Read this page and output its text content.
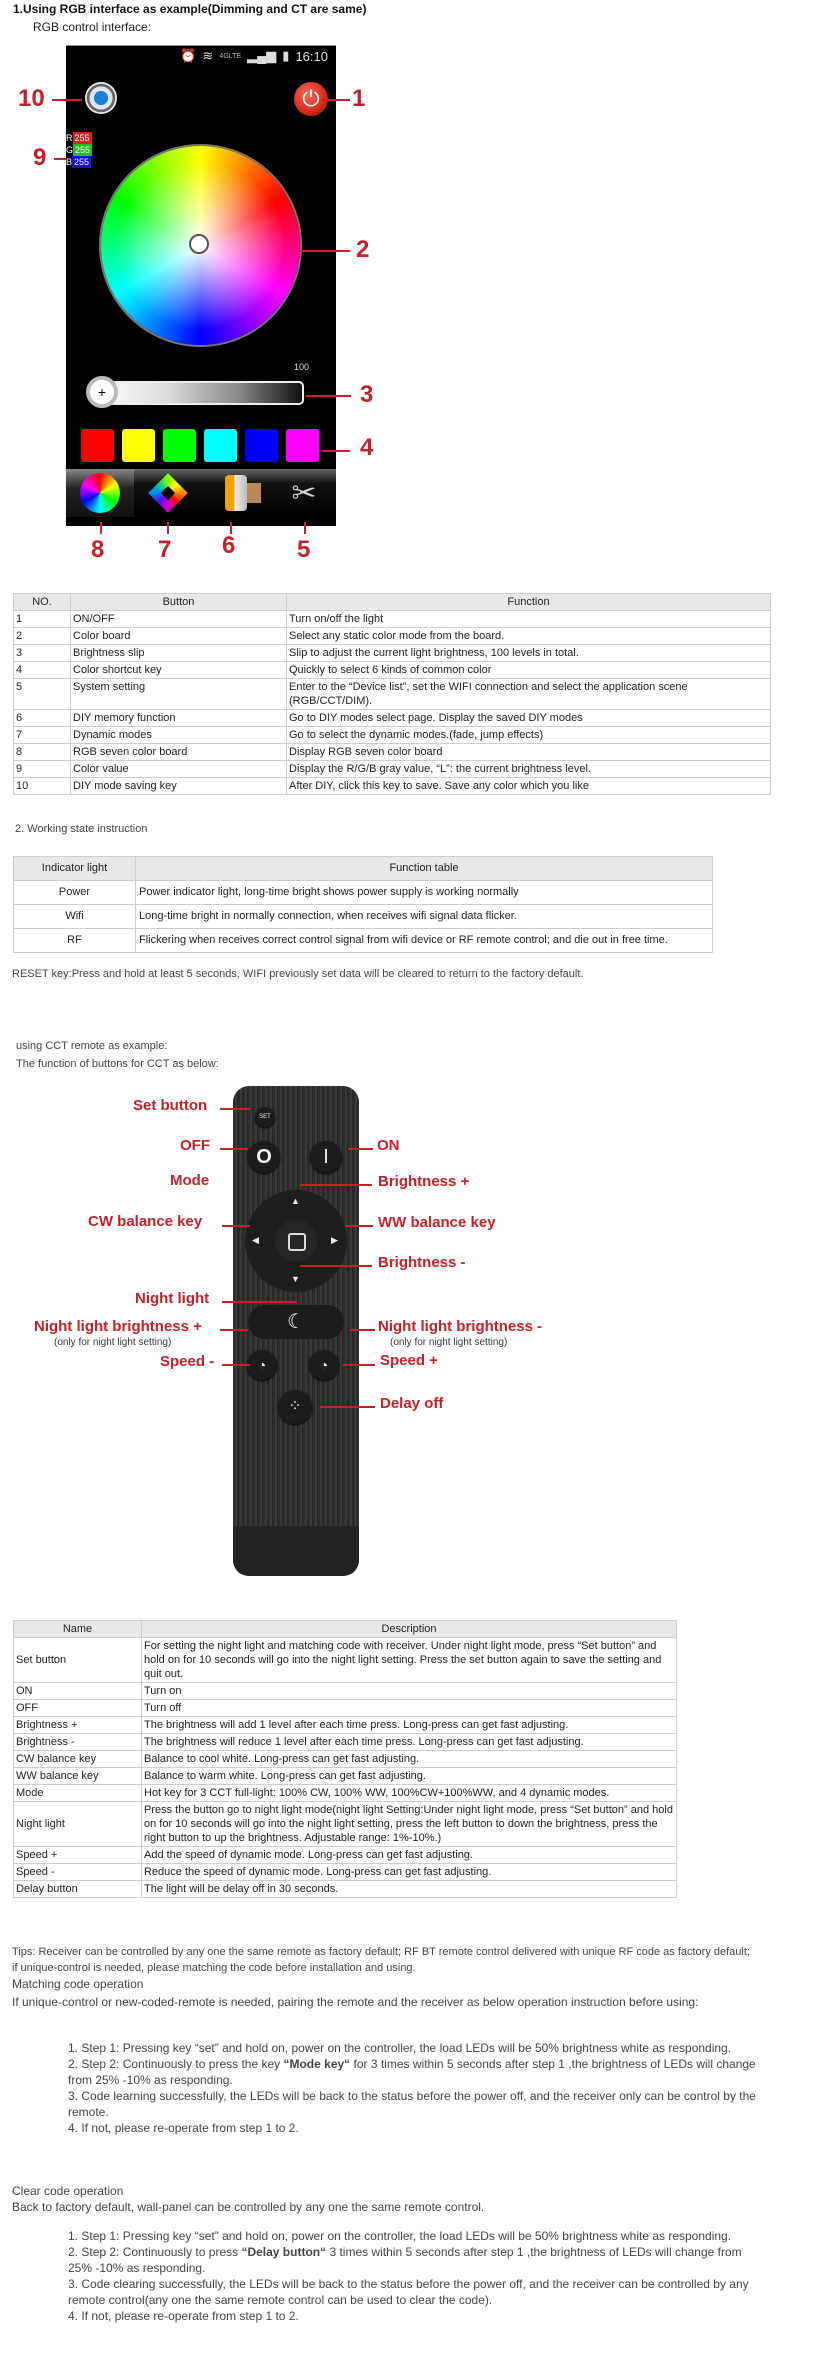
1.Using RGB interface as example(Dimming and CT are same)
RGB control interface:
⏰ ≋ 4GLTE ▂▄▆ ▮ 16:10
⏻
R 255
G 255
B 255
100
+
✂
10	1
9
2
3
4
8 7 6	5
NO.	Button	Function
1	ON/OFF	Turn on/off the light
2	Color board	Select any static color mode from the board.
3	Brightness slip	Slip to adjust the current light brightness, 100 levels in total.
4	Color shortcut key	Quickly to select 6 kinds of common color
5	System setting	Enter to the “Device list”, set the WIFI connection and select the application scene (RGB/CCT/DIM).
6	DIY memory function	Go to DIY modes select page. Display the saved DIY modes
7	Dynamic modes	Go to select the dynamic modes.(fade, jump effects)
8	RGB seven color board	Display RGB seven color board
9	Color value	Display the R/G/B gray value, “L”: the current brightness level.
10	DIY mode saving key	After DIY, click this key to save. Save any color which you like
2. Working state instruction
Indicator light	Function table
Power	Power indicator light, long-time bright shows power supply is working normally
Wifi	Long-time bright in normally connection, when receives wifi signal data flicker.
RF	Flickering when receives correct control signal from wifi device or RF remote control; and die out in free time.
RESET key:Press and hold at least 5 seconds, WIFI previously set data will be cleared to return to the factory default.
using CCT remote as example:
The function of buttons for CCT as below:
SET
O	I
▲
▼
◀	▶
☾
◔	◔
⁘
Set button
OFF	ON
Mode	Brightness +
CW balance key	WW balance key
Brightness -
Night light
Night light brightness +
(only for night light setting)
Night light brightness -
(only for night light setting)
Speed -	Speed +
Delay off
Name	Description
Set button	For setting the night light and matching code with receiver. Under night light mode, press “Set button” and hold on for 10 seconds will go into the night light setting. Press the set button again to save the setting and quit out.
ON	Turn on
OFF	Turn off
Brightness +	The brightness will add 1 level after each time press. Long-press can get fast adjusting.
Brightness -	The brightness will reduce 1 level after each time press. Long-press can get fast adjusting.
CW balance key	Balance to cool white. Long-press can get fast adjusting.
WW balance key	Balance to warm white. Long-press can get fast adjusting.
Mode	Hot key for 3 CCT full-light: 100% CW, 100% WW, 100%CW+100%WW, and 4 dynamic modes.
Night light	Press the button go to night light mode(night light Setting:Under night light mode, press “Set button” and hold on for 10 seconds will go into the night light setting, press the left button to down the brightness, press the right button to up the brightness. Adjustable range: 1%-10%.)
Speed +	Add the speed of dynamic mode. Long-press can get fast adjusting.
Speed -	Reduce the speed of dynamic mode. Long-press can get fast adjusting.
Delay button	The light will be delay off in 30 seconds.
Tips: Receiver can be controlled by any one the same remote as factory default; RF BT remote control delivered with unique RF code as factory default; if unique-control is needed, please matching the code before installation and using.
Matching code operation
If unique-control or new-coded-remote is needed, pairing the remote and the receiver as below operation instruction before using:
1. Step 1: Pressing key “set” and hold on, power on the controller, the load LEDs will be 50% brightness white as responding.
2. Step 2: Continuously to press the key “Mode key“ for 3 times within 5 seconds after step 1 ,the brightness of LEDs will change from 25% -10% as responding.
3. Code learning successfully, the LEDs will be back to the status before the power off, and the receiver only can be control by the remote.
4. If not, please re-operate from step 1 to 2.
Clear code operation
Back to factory default, wall-panel can be controlled by any one the same remote control.
1. Step 1: Pressing key “set” and hold on, power on the controller, the load LEDs will be 50% brightness white as responding.
2. Step 2: Continuously to press “Delay button“ 3 times within 5 seconds after step 1 ,the brightness of LEDs will change from 25% -10% as responding.
3. Code clearing successfully, the LEDs will be back to the status before the power off, and the receiver can be controlled by any remote control(any one the same remote control can be used to clear the code).
4. If not, please re-operate from step 1 to 2.
